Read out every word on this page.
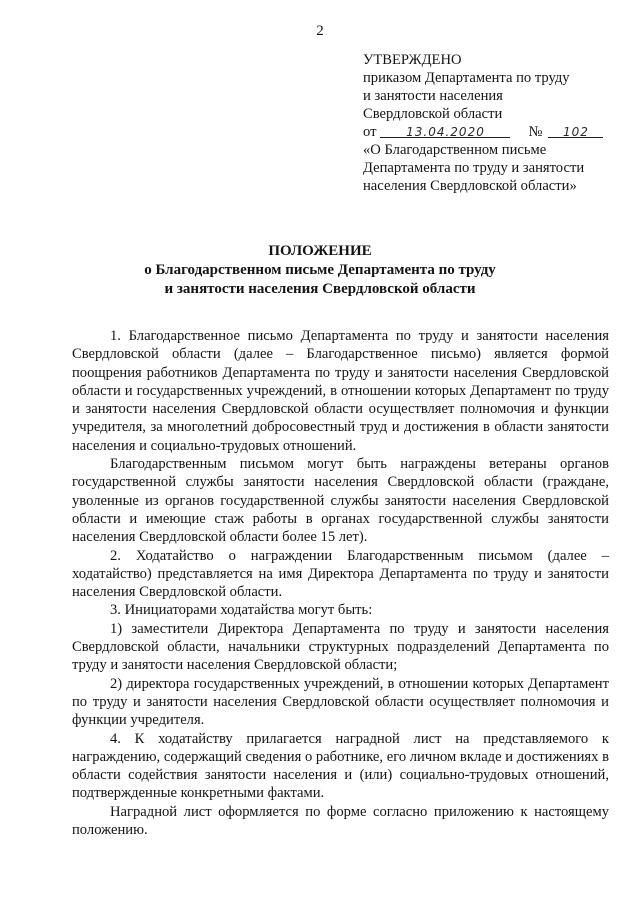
2
УТВЕРЖДЕНО
приказом Департамента по труду
и занятости населения
Свердловской области
от 13.04.2020	№ 102
«О Благодарственном письме
Департамента по труду и занятости
населения Свердловской области»
ПОЛОЖЕНИЕ
о Благодарственном письме Департамента по труду
и занятости населения Свердловской области

1. Благодарственное письмо Департамента по труду и занятости населения Свердловской области (далее – Благодарственное письмо) является формой поощрения работников Департамента по труду и занятости населения Свердловской области и государственных учреждений, в отношении которых Департамент по труду и занятости населения Свердловской области осуществляет полномочия и функции учредителя, за многолетний добросовестный труд и достижения в области занятости населения и социально-трудовых отношений.

Благодарственным письмом могут быть награждены ветераны органов государственной службы занятости населения Свердловской области (граждане, уволенные из органов государственной службы занятости населения Свердловской области и имеющие стаж работы в органах государственной службы занятости населения Свердловской области более 15 лет).

2. Ходатайство о награждении Благодарственным письмом (далее – ходатайство) представляется на имя Директора Департамента по труду и занятости населения Свердловской области.

3. Инициаторами ходатайства могут быть:

1) заместители Директора Департамента по труду и занятости населения Свердловской области, начальники структурных подразделений Департамента по труду и занятости населения Свердловской области;

2) директора государственных учреждений, в отношении которых Департамент по труду и занятости населения Свердловской области осуществляет полномочия и функции учредителя.

4. К ходатайству прилагается наградной лист на представляемого к награждению, содержащий сведения о работнике, его личном вкладе и достижениях в области содействия занятости населения и (или) социально-трудовых отношений, подтвержденные конкретными фактами.

Наградной лист оформляется по форме согласно приложению к настоящему положению.
